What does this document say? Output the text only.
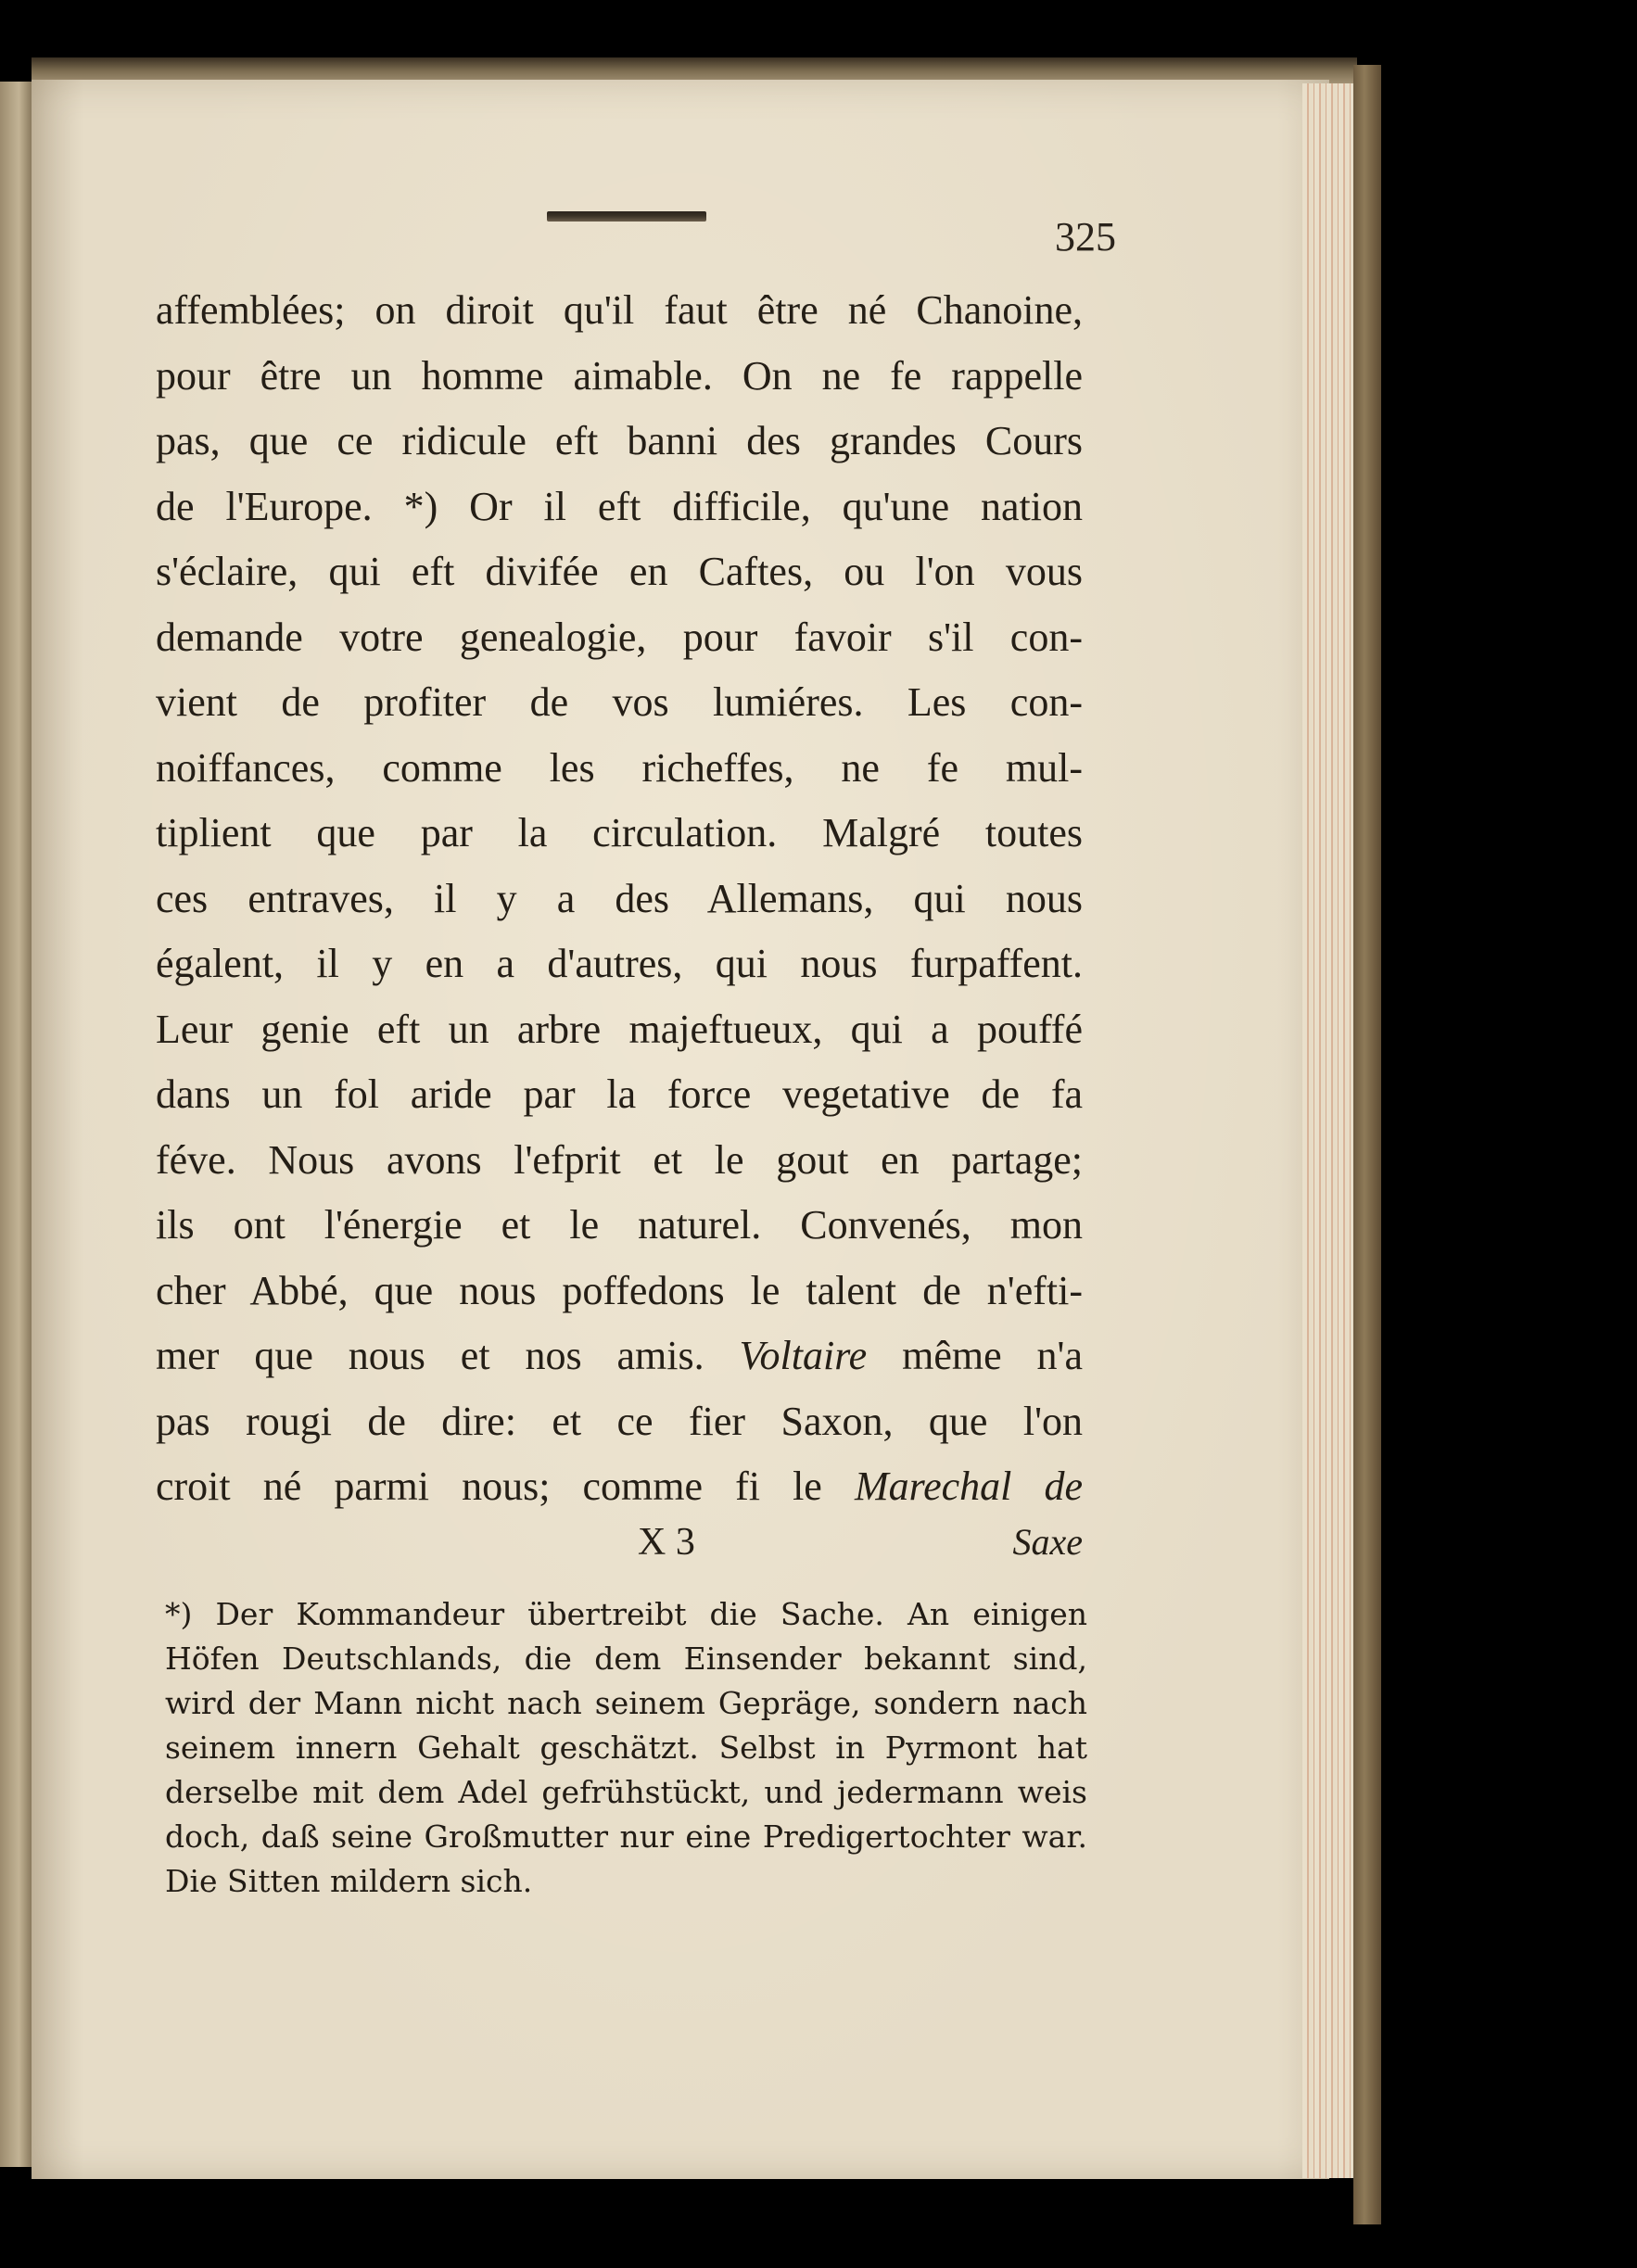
325
affemblées; on diroit qu'il faut être né Chanoine,
pour être un homme aimable. On ne fe rappelle
pas, que ce ridicule eft banni des grandes Cours
de l'Europe. *) Or il eft difficile, qu'une nation
s'éclaire, qui eft divifée en Caftes, ou l'on vous
demande votre genealogie, pour favoir s'il con-
vient de profiter de vos lumiéres. Les con-
noiffances, comme les richeffes, ne fe mul-
tiplient que par la circulation. Malgré toutes
ces entraves, il y a des Allemans, qui nous
égalent, il y en a d'autres, qui nous furpaffent.
Leur genie eft un arbre majeftueux, qui a pouffé
dans un fol aride par la force vegetative de fa
féve. Nous avons l'efprit et le gout en partage;
ils ont l'énergie et le naturel. Convenés, mon
cher Abbé, que nous poffedons le talent de n'efti-
mer que nous et nos amis. Voltaire même n'a
pas rougi de dire: et ce fier Saxon, que l'on
croit né parmi nous; comme fi le Marechal de
X 3	Saxe
*) Der Kommandeur übertreibt die Sache. An einigen
Höfen Deutschlands, die dem Einsender bekannt sind,
wird der Mann nicht nach seinem Gepräge, sondern nach
seinem innern Gehalt geschätzt. Selbst in Pyrmont hat
derselbe mit dem Adel gefrühstückt, und jedermann weis
doch, daß seine Großmutter nur eine Predigertochter war.
Die Sitten mildern sich.
